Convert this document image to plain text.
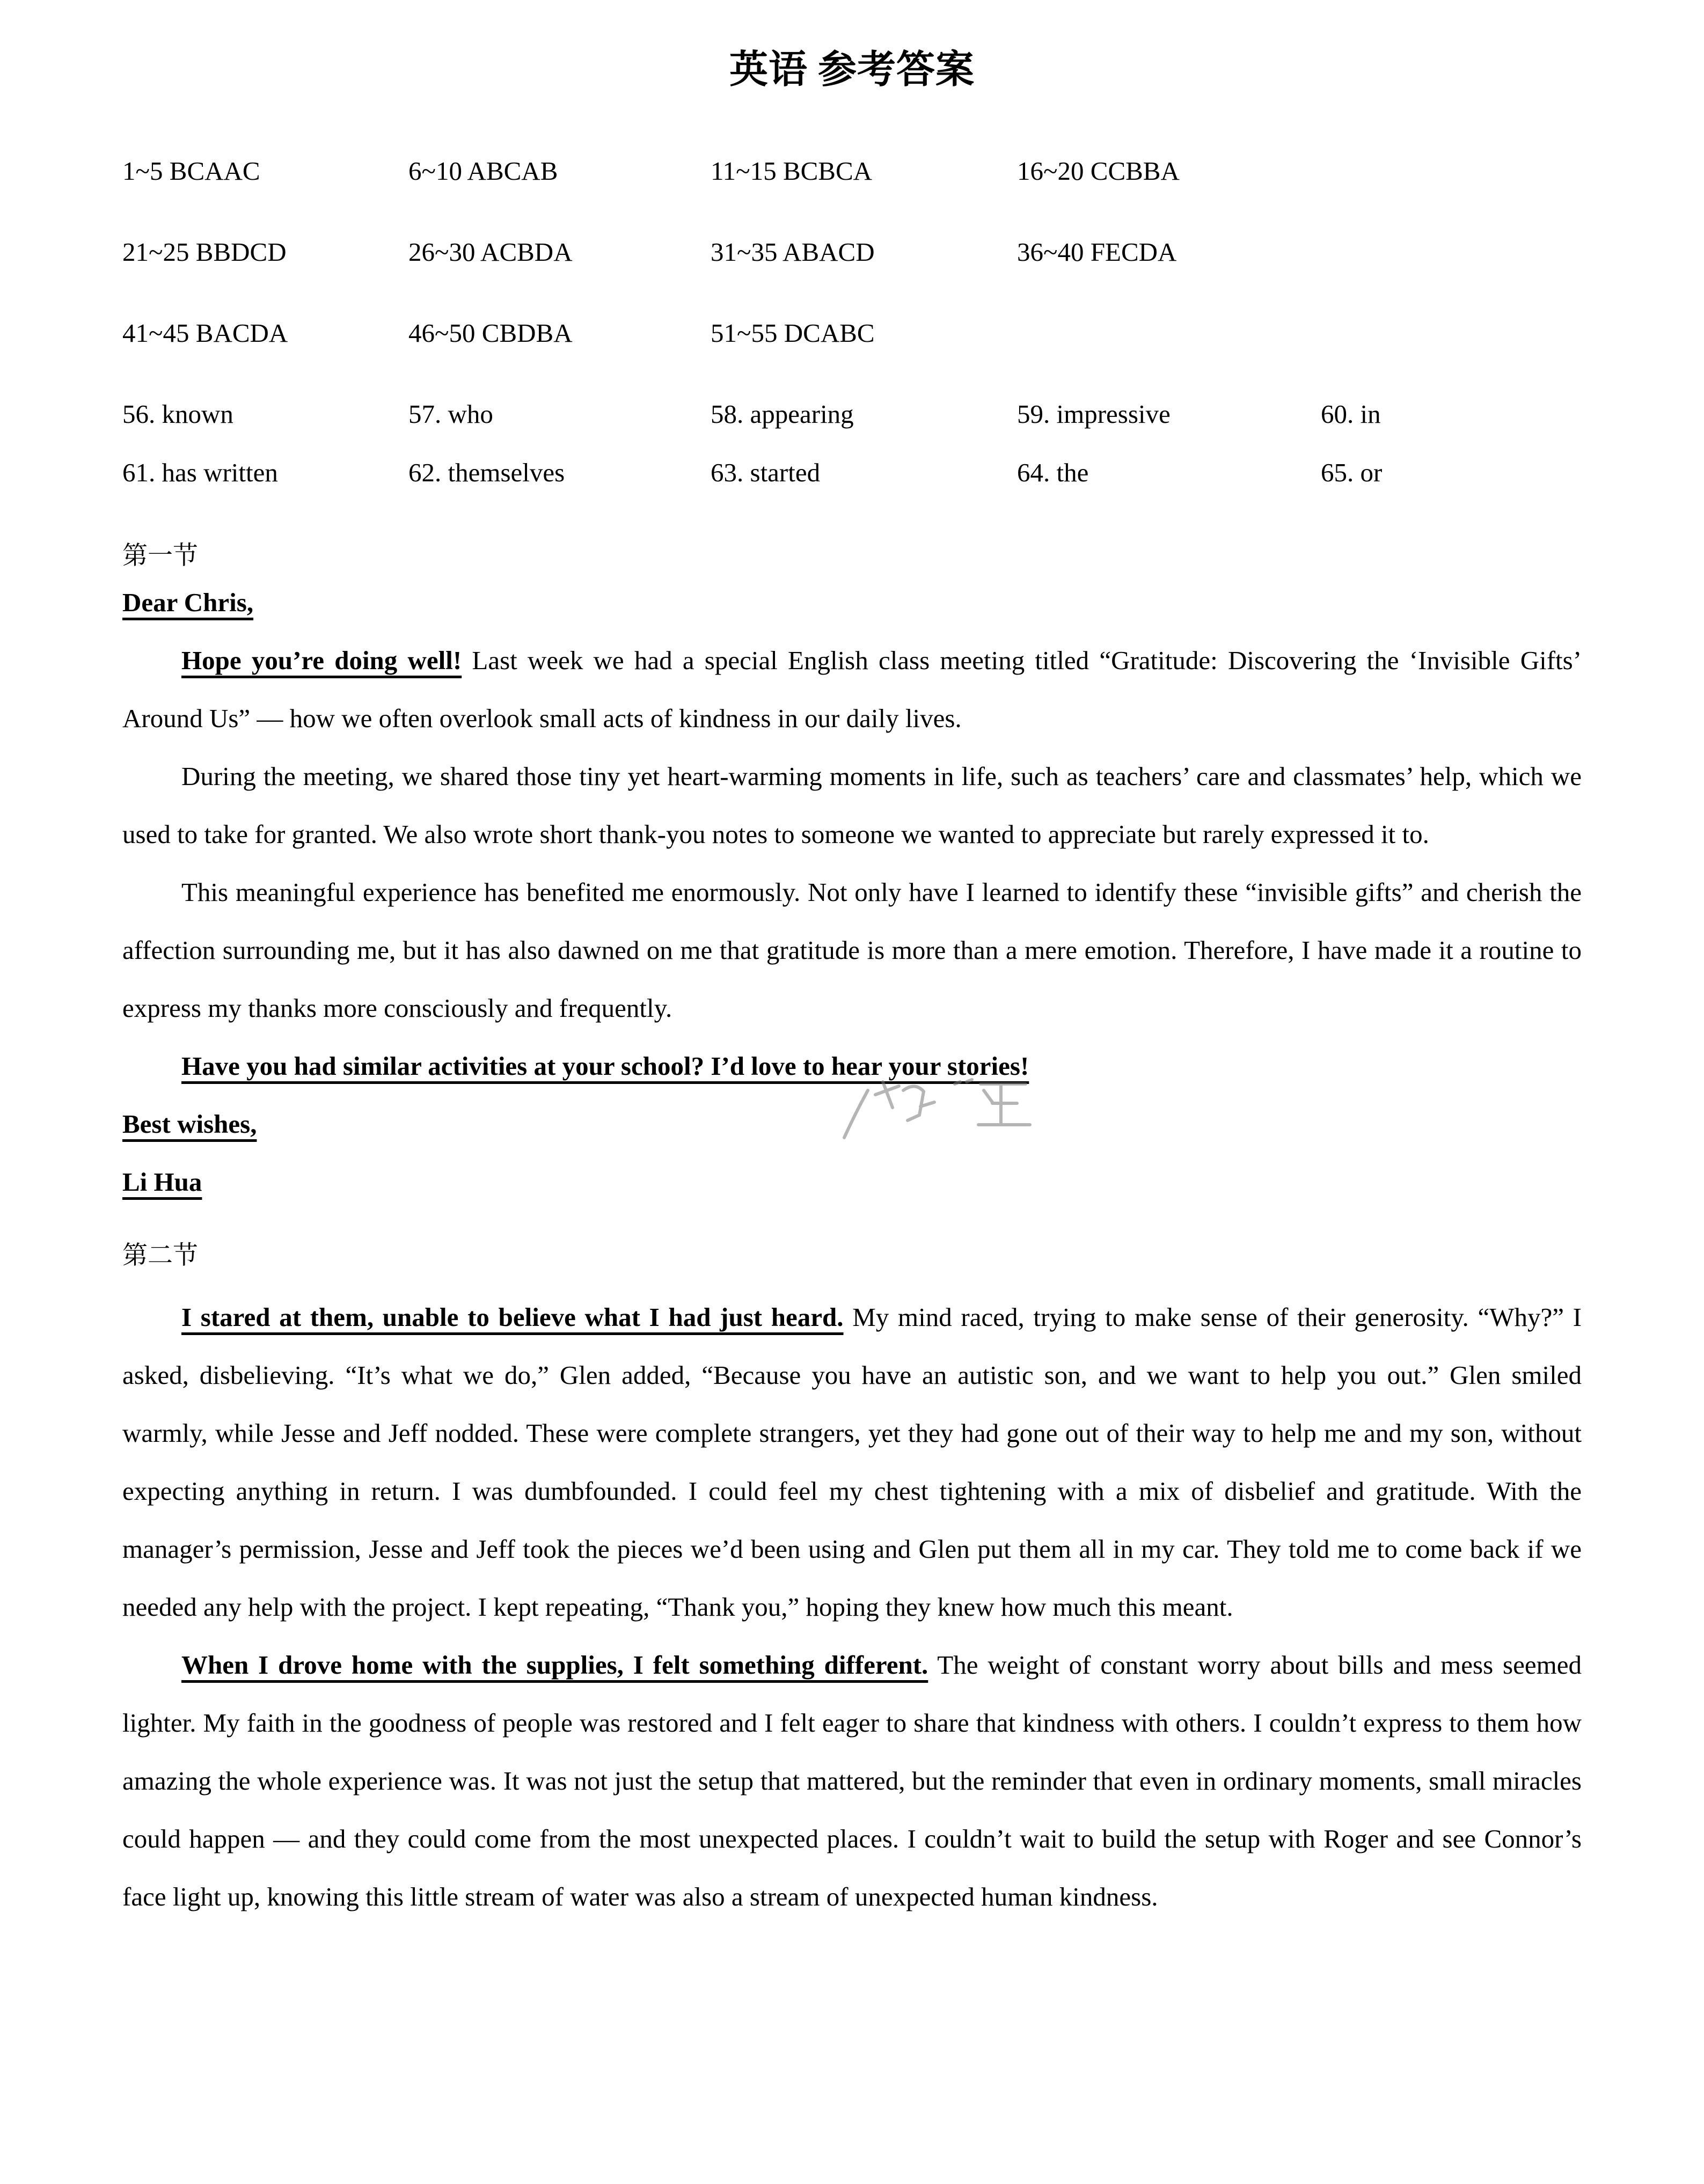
英语 参考答案
1~5 BCAAC	6~10 ABCAB	11~15 BCBCA	16~20 CCBBA
21~25 BBDCD	26~30 ACBDA	31~35 ABACD	36~40 FECDA
41~45 BACDA	46~50 CBDBA	51~55 DCABC
56. known	57. who	58. appearing	59. impressive	60. in
61. has written	62. themselves	63. started	64. the	65. or
第一节

Dear Chris,

Hope you’re doing well! Last week we had a special English class meeting titled “Gratitude: Discovering the ‘Invisible Gifts’ Around Us” — how we often overlook small acts of kindness in our daily lives.

During the meeting, we shared those tiny yet heart-warming moments in life, such as teachers’ care and classmates’ help, which we used to take for granted. We also wrote short thank-you notes to someone we wanted to appreciate but rarely expressed it to.

This meaningful experience has benefited me enormously. Not only have I learned to identify these “invisible gifts” and cherish the affection surrounding me, but it has also dawned on me that gratitude is more than a mere emotion. Therefore, I have made it a routine to express my thanks more consciously and frequently.

Have you had similar activities at your school? I’d love to hear your stories!

Best wishes,

Li Hua

第二节

I stared at them, unable to believe what I had just heard. My mind raced, trying to make sense of their generosity. “Why?” I asked, disbelieving. “It’s what we do,” Glen added, “Because you have an autistic son, and we want to help you out.” Glen smiled warmly, while Jesse and Jeff nodded. These were complete strangers, yet they had gone out of their way to help me and my son, without expecting anything in return. I was dumbfounded. I could feel my chest tightening with a mix of disbelief and gratitude. With the manager’s permission, Jesse and Jeff took the pieces we’d been using and Glen put them all in my car. They told me to come back if we needed any help with the project. I kept repeating, “Thank you,” hoping they knew how much this meant.

When I drove home with the supplies, I felt something different. The weight of constant worry about bills and mess seemed lighter. My faith in the goodness of people was restored and I felt eager to share that kindness with others. I couldn’t express to them how amazing the whole experience was. It was not just the setup that mattered, but the reminder that even in ordinary moments, small miracles could happen — and they could come from the most unexpected places. I couldn’t wait to build the setup with Roger and see Connor’s face light up, knowing this little stream of water was also a stream of unexpected human kindness.
